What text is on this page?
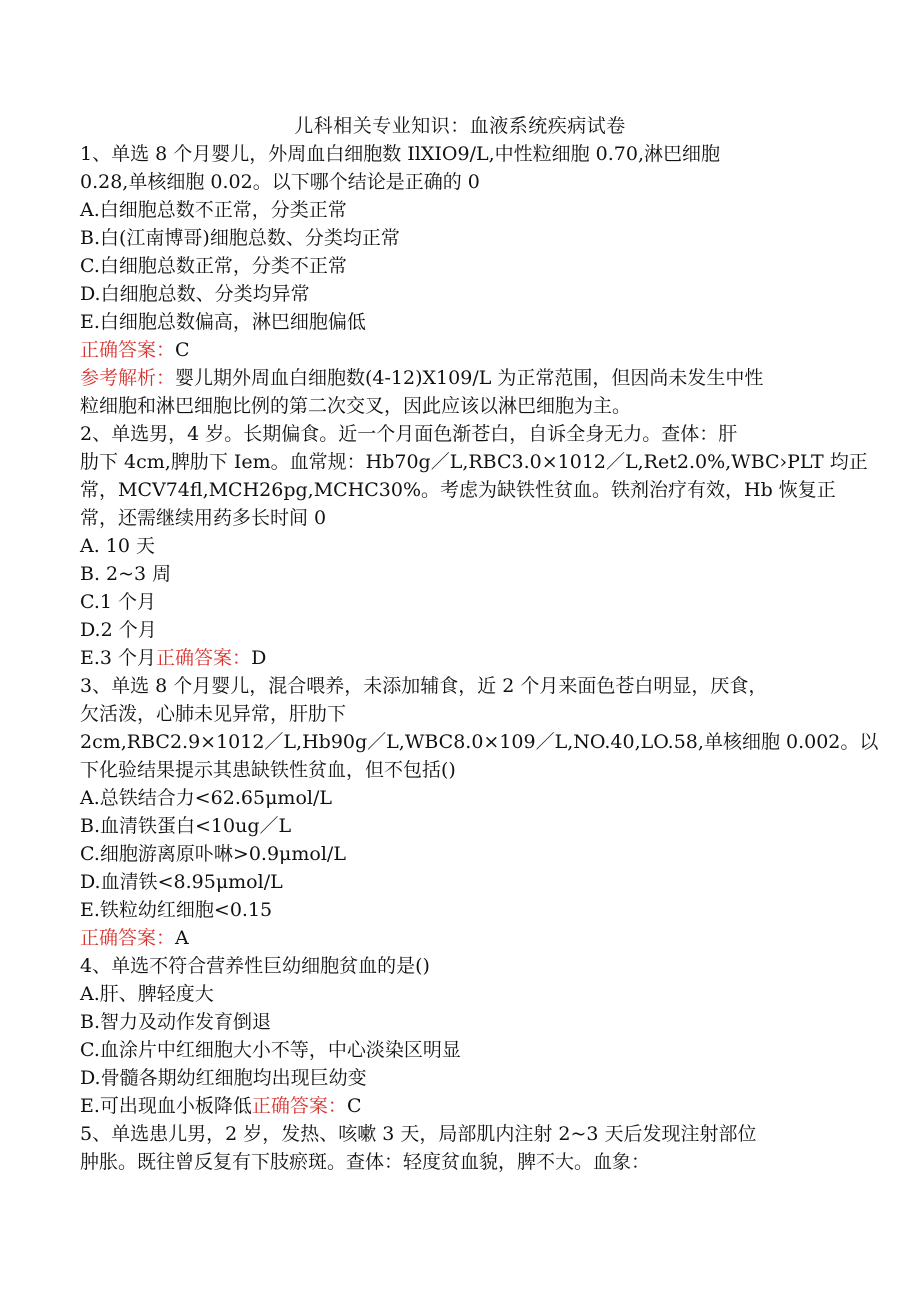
儿科相关专业知识：血液系统疾病试卷
1、单选 8 个月婴儿，外周血白细胞数 IlXIO9/L,中性粒细胞 0.70,淋巴细胞
0.28,单核细胞 0.02。以下哪个结论是正确的 0
A.白细胞总数不正常，分类正常
B.白(江南博哥)细胞总数、分类均正常
C.白细胞总数正常，分类不正常
D.白细胞总数、分类均异常
E.白细胞总数偏高，淋巴细胞偏低
正确答案：C
参考解析：婴儿期外周血白细胞数(4-12)X109/L 为正常范围，但因尚未发生中性
粒细胞和淋巴细胞比例的第二次交叉，因此应该以淋巴细胞为主。
2、单选男，4 岁。长期偏食。近一个月面色渐苍白，自诉全身无力。查体：肝
肋下 4cm,脾肋下 Iem。血常规：Hb70g／L,RBC3.0×1012／L,Ret2.0%,WBC›PLT 均正
常，MCV74fl,MCH26pg,MCHC30%。考虑为缺铁性贫血。铁剂治疗有效，Hb 恢复正
常，还需继续用药多长时间 0
A. 10 天
B. 2~3 周
C.1 个月
D.2 个月
E.3 个月正确答案：D
3、单选 8 个月婴儿，混合喂养，未添加辅食，近 2 个月来面色苍白明显，厌食，
欠活泼，心肺未见异常，肝肋下
2cm,RBC2.9×1012／L,Hb90g／L,WBC8.0×109／L,NO.40,LO.58,单核细胞 0.002。以
下化验结果提示其患缺铁性贫血，但不包括()
A.总铁结合力<62.65μmol/L
B.血清铁蛋白<10ug／L
C.细胞游离原卟啉>0.9μmol/L
D.血清铁<8.95μmol/L
E.铁粒幼红细胞<0.15
正确答案：A
4、单选不符合营养性巨幼细胞贫血的是()
A.肝、脾轻度大
B.智力及动作发育倒退
C.血涂片中红细胞大小不等，中心淡染区明显
D.骨髓各期幼红细胞均出现巨幼变
E.可出现血小板降低正确答案：C
5、单选患儿男，2 岁，发热、咳嗽 3 天，局部肌内注射 2~3 天后发现注射部位
肿胀。既往曾反复有下肢瘀斑。查体：轻度贫血貌，脾不大。血象：
